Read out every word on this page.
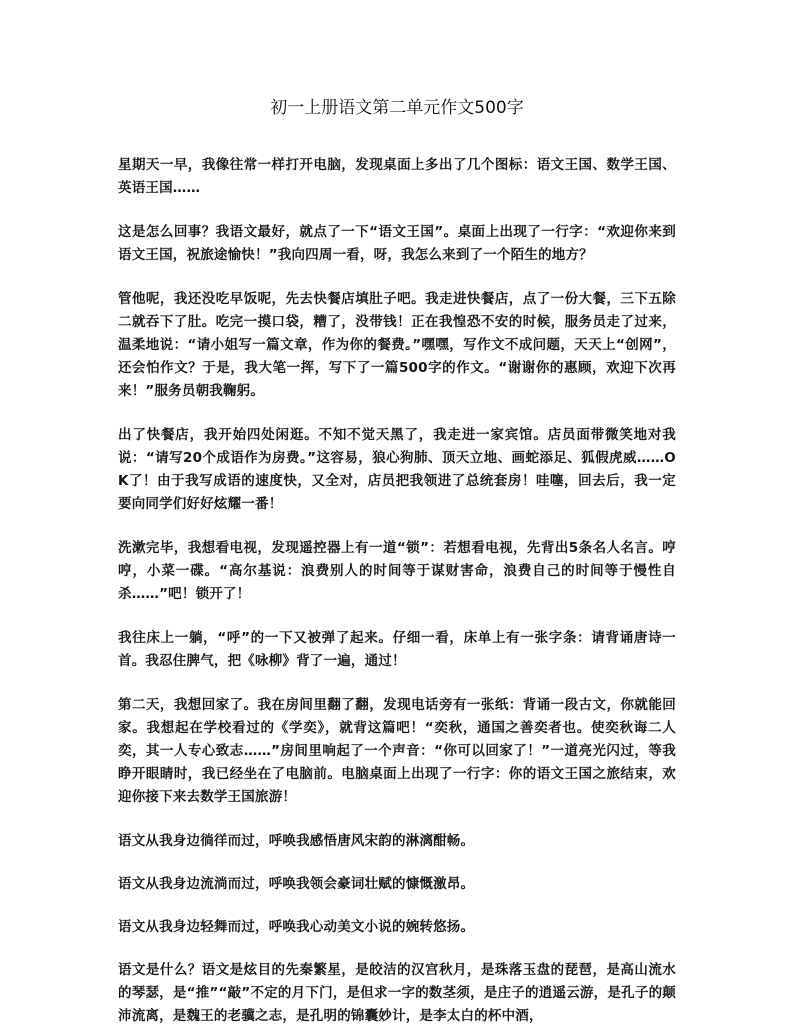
初一上册语文第二单元作文500字

星期天一早，我像往常一样打开电脑，发现桌面上多出了几个图标：语文王国、数学王国、英语王国……

这是怎么回事？我语文最好，就点了一下“语文王国”。桌面上出现了一行字：“欢迎你来到语文王国，祝旅途愉快！”我向四周一看，呀，我怎么来到了一个陌生的地方？

管他呢，我还没吃早饭呢，先去快餐店填肚子吧。我走进快餐店，点了一份大餐，三下五除二就吞下了肚。吃完一摸口袋，糟了，没带钱！正在我惶恐不安的时候，服务员走了过来，温柔地说：“请小姐写一篇文章，作为你的餐费。”嘿嘿，写作文不成问题，天天上“创网”，还会怕作文？于是，我大笔一挥，写下了一篇500字的作文。“谢谢你的惠顾，欢迎下次再来！”服务员朝我鞠躬。

出了快餐店，我开始四处闲逛。不知不觉天黑了，我走进一家宾馆。店员面带微笑地对我说：“请写20个成语作为房费。”这容易，狼心狗肺、顶天立地、画蛇添足、狐假虎威……OK了！由于我写成语的速度快，又全对，店员把我领进了总统套房！哇噻，回去后，我一定要向同学们好好炫耀一番！

洗漱完毕，我想看电视，发现遥控器上有一道“锁”：若想看电视，先背出5条名人名言。哼哼，小菜一碟。“高尔基说：浪费别人的时间等于谋财害命，浪费自己的时间等于慢性自杀……”吧！锁开了！

我往床上一躺，“呼”的一下又被弹了起来。仔细一看，床单上有一张字条：请背诵唐诗一首。我忍住脾气，把《咏柳》背了一遍，通过！

第二天，我想回家了。我在房间里翻了翻，发现电话旁有一张纸：背诵一段古文，你就能回家。我想起在学校看过的《学奕》，就背这篇吧！“奕秋，通国之善奕者也。使奕秋诲二人奕，其一人专心致志……”房间里响起了一个声音：“你可以回家了！”一道亮光闪过，等我睁开眼睛时，我已经坐在了电脑前。电脑桌面上出现了一行字：你的语文王国之旅结束，欢迎你接下来去数学王国旅游！

语文从我身边徜徉而过，呼唤我感悟唐风宋韵的淋漓酣畅。

语文从我身边流淌而过，呼唤我领会豪词壮赋的慷慨激昂。

语文从我身边轻舞而过，呼唤我心动美文小说的婉转悠扬。

语文是什么？语文是炫目的先秦繁星，是皎洁的汉宫秋月，是珠落玉盘的琵琶，是高山流水的琴瑟，是“推”“敲”不定的月下门，是但求一字的数茎须，是庄子的逍遥云游，是孔子的颠沛流离，是魏王的老骥之志，是孔明的锦囊妙计，是李太白的杯中酒，
